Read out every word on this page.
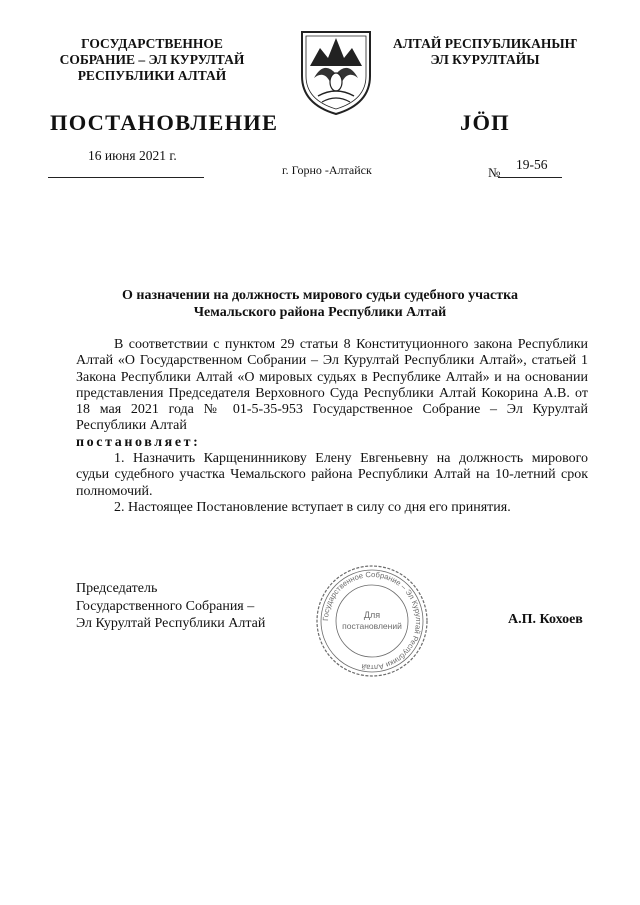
ГОСУДАРСТВЕННОЕ
СОБРАНИЕ – ЭЛ КУРУЛТАЙ
РЕСПУБЛИКИ АЛТАЙ
АЛТАЙ РЕСПУБЛИКАНЫҤ
ЭЛ КУРУЛТАЙЫ
ПОСТАНОВЛЕНИЕ	ЈӦП
16 июня 2021 г.
г. Горно -Алтайск	№
19-56
О назначении на должность мирового судьи судебного участка
Чемальского района Республики Алтай

В соответствии с пунктом 29 статьи 8 Конституционного закона Республики Алтай «О Государственном Собрании – Эл Курултай Республики Алтай», статьей 1 Закона Республики Алтай «О мировых судьях в Республике Алтай» и на основании представления Председателя Верховного Суда Республики Алтай Кокорина А.В. от 18 мая 2021 года № 01-5-35-953 Государственное Собрание – Эл Курултай Республики Алтай

постановляет:

1. Назначить Карщенинникову Елену Евгеньевну на должность мирового судьи судебного участка Чемальского района Республики Алтай на 10-летний срок полномочий.

2. Настоящее Постановление вступает в силу со дня его принятия.

Председатель
Государственного Собрания –
Эл Курултай Республики Алтай	Государственное Собрание – Эл Курултай Республики Алтай
Для
постановлений	А.П. Кохоев
